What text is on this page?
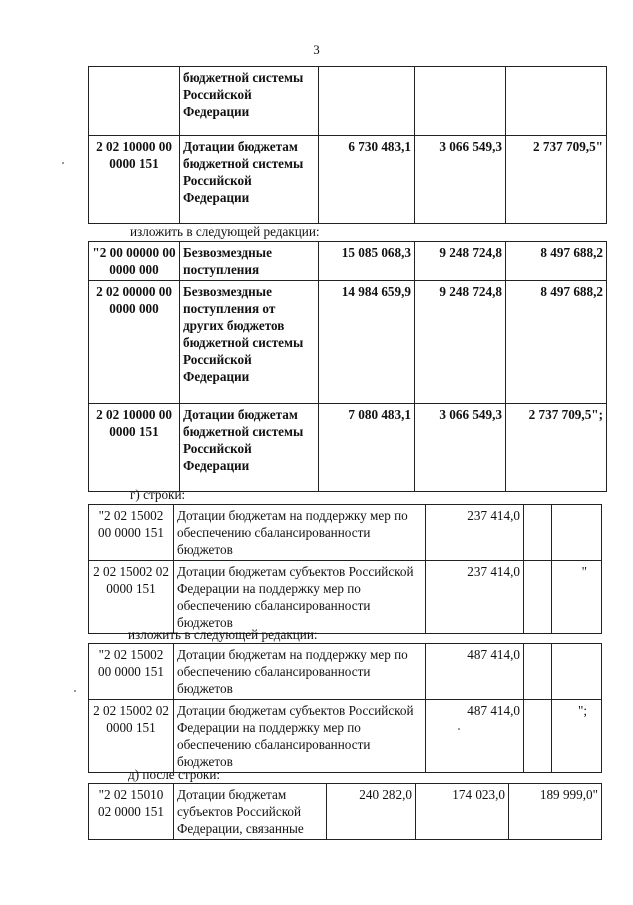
3
	бюджетной системы Российской Федерации			
2 02 10000 00 0000 151	Дотации бюджетам бюджетной системы Российской Федерации	6 730 483,1	3 066 549,3	2 737 709,5"
изложить в следующей редакции:
"2 00 00000 00 0000 000	Безвозмездные поступления	15 085 068,3	9 248 724,8	8 497 688,2
2 02 00000 00 0000 000	Безвозмездные поступления от других бюджетов бюджетной системы Российской Федерации	14 984 659,9	9 248 724,8	8 497 688,2
2 02 10000 00 0000 151	Дотации бюджетам бюджетной системы Российской Федерации	7 080 483,1	3 066 549,3	2 737 709,5";
г) строки:
"2 02 15002 00 0000 151	Дотации бюджетам на поддержку мер по обеспечению сбалансированности бюджетов	237 414,0		
2 02 15002 02 0000 151	Дотации бюджетам субъектов Российской Федерации на поддержку мер по обеспечению сбалансированности бюджетов	237 414,0		"
изложить в следующей редакции:
"2 02 15002 00 0000 151	Дотации бюджетам на поддержку мер по обеспечению сбалансированности бюджетов	487 414,0		
2 02 15002 02 0000 151	Дотации бюджетам субъектов Российской Федерации на поддержку мер по обеспечению сбалансированности бюджетов	487 414,0		";
д) после строки:
"2 02 15010 02 0000 151	Дотации бюджетам субъектов Российской Федерации, связанные	240 282,0	174 023,0	189 999,0"
